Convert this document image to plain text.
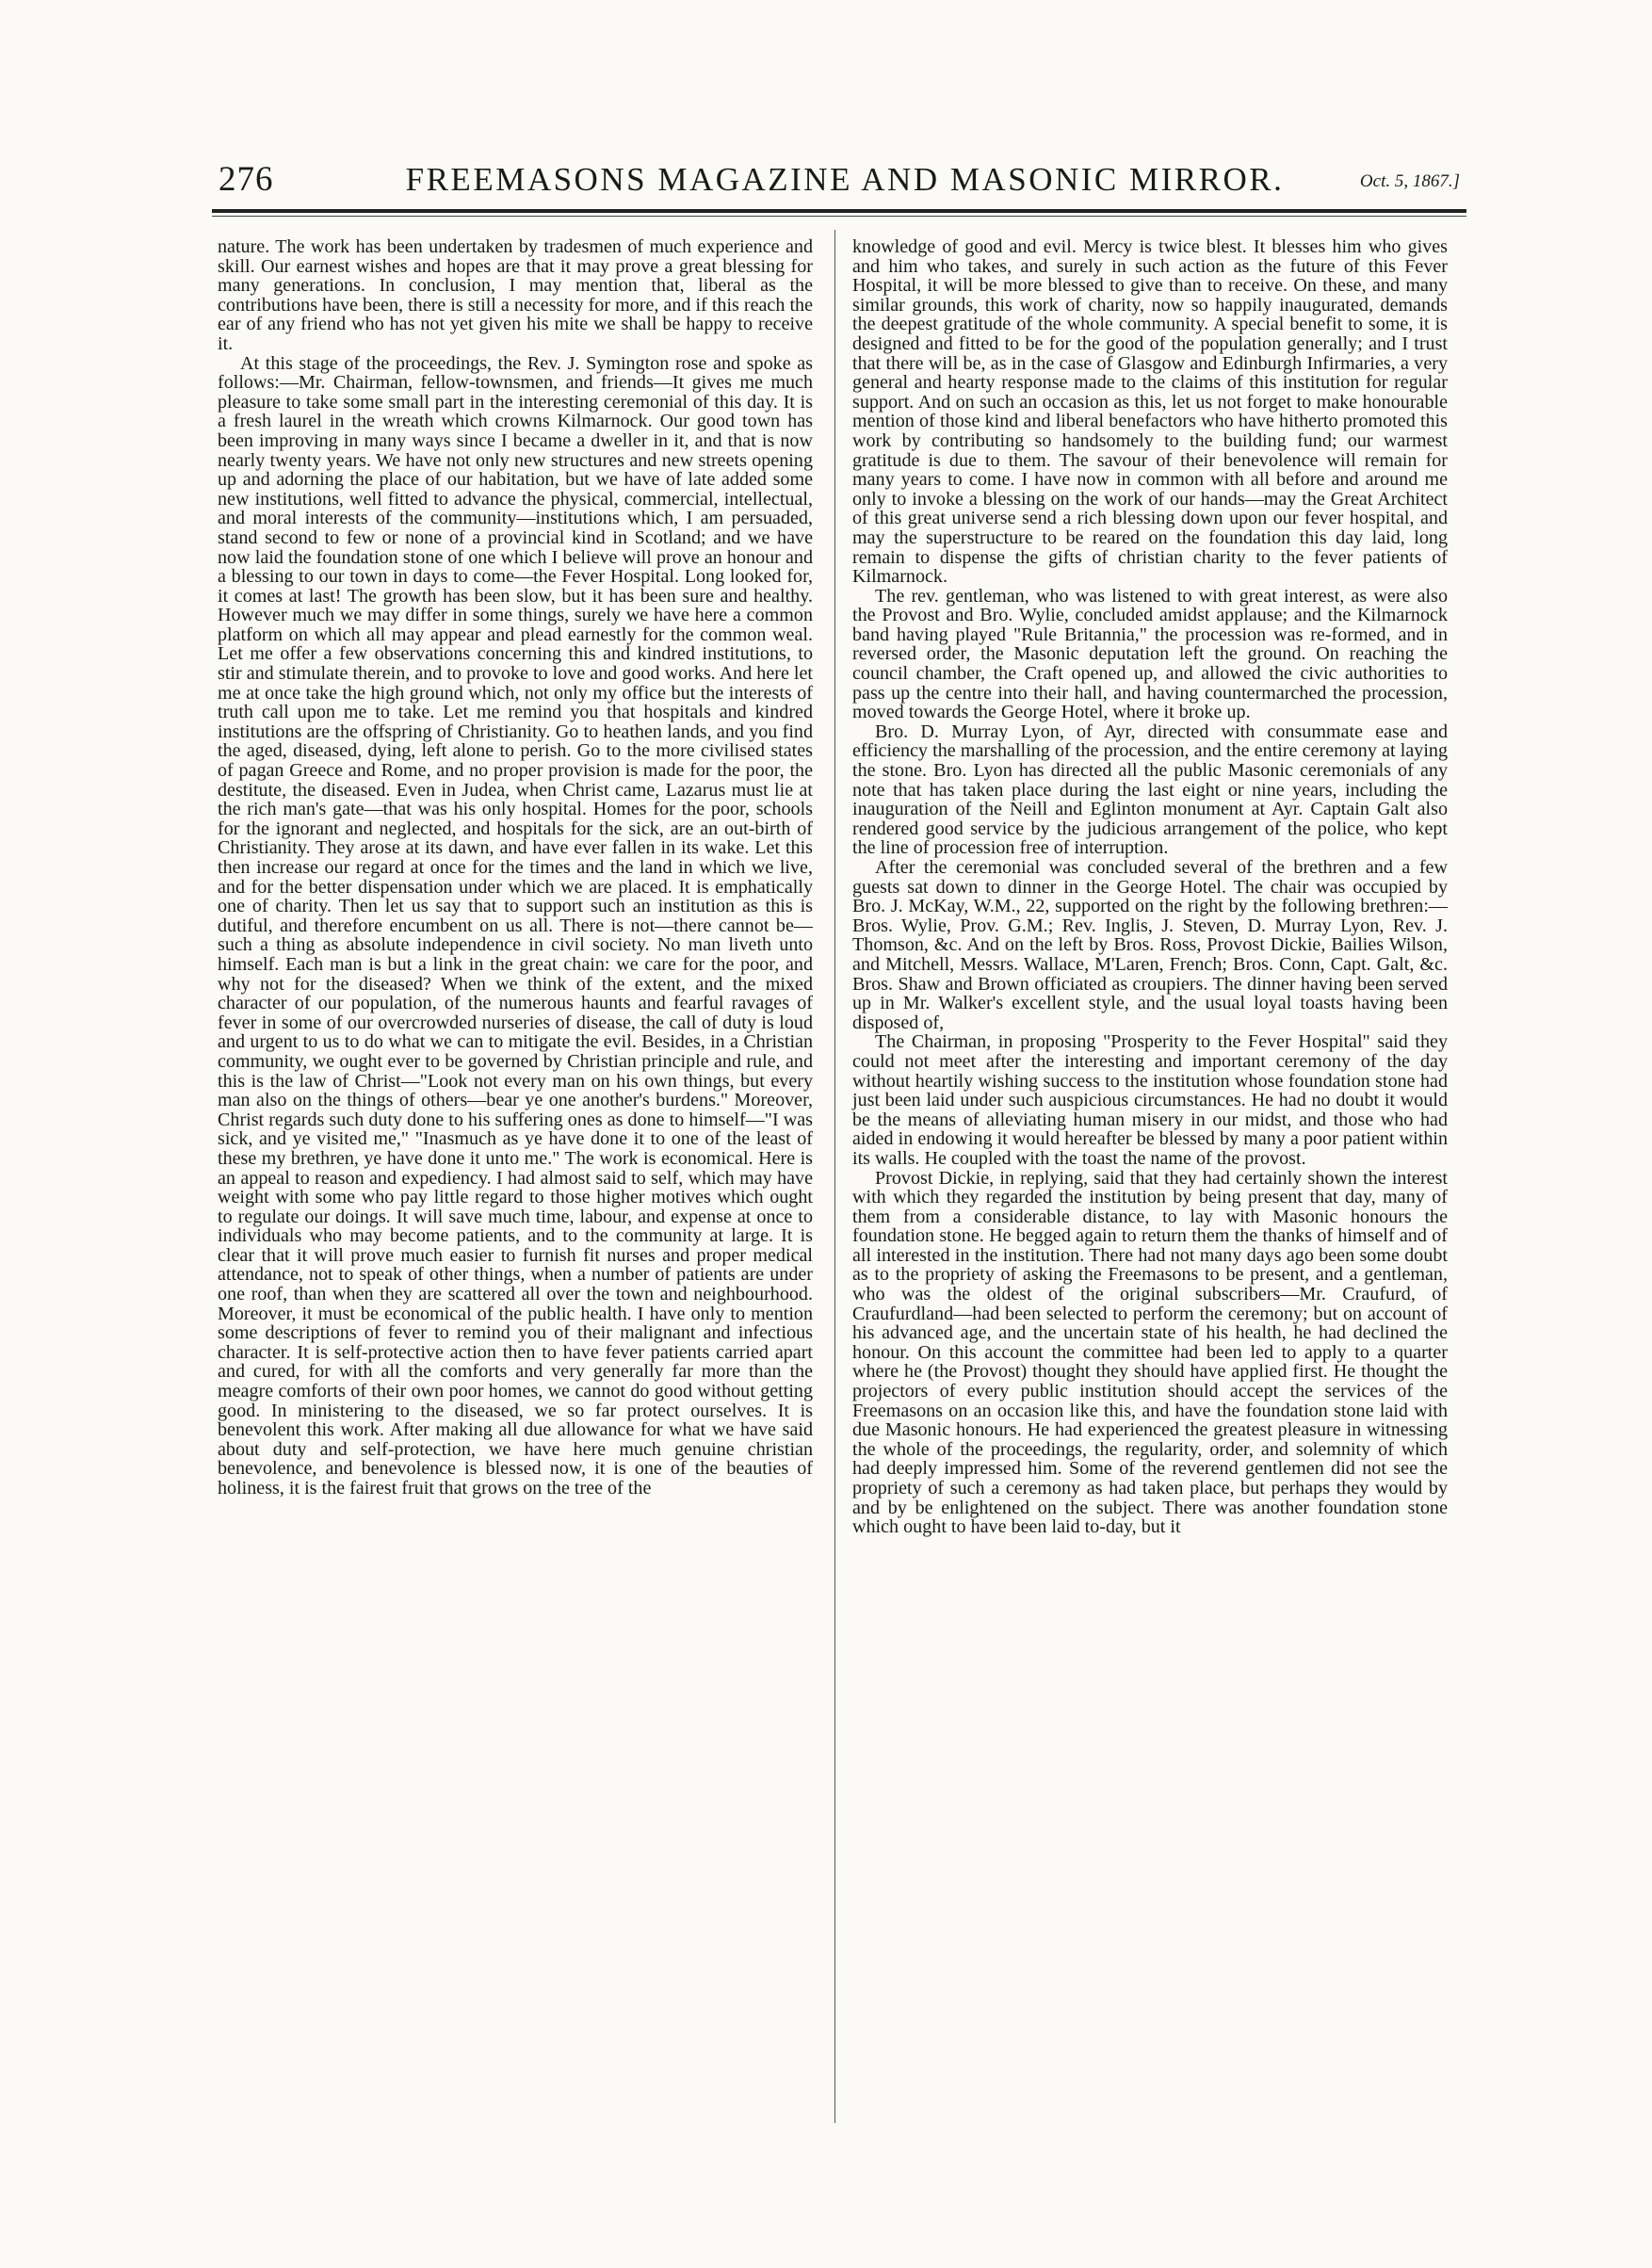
276	FREEMASONS MAGAZINE AND MASONIC MIRROR.	Oct. 5, 1867.]

nature. The work has been undertaken by tradesmen of much experience and skill. Our earnest wishes and hopes are that it may prove a great blessing for many generations. In conclusion, I may mention that, liberal as the contributions have been, there is still a necessity for more, and if this reach the ear of any friend who has not yet given his mite we shall be happy to receive it.

At this stage of the proceedings, the Rev. J. Symington rose and spoke as follows:—Mr. Chairman, fellow-townsmen, and friends—It gives me much pleasure to take some small part in the interesting ceremonial of this day. It is a fresh laurel in the wreath which crowns Kilmarnock. Our good town has been improving in many ways since I became a dweller in it, and that is now nearly twenty years. We have not only new structures and new streets opening up and adorning the place of our habitation, but we have of late added some new institutions, well fitted to advance the physical, commercial, intellectual, and moral interests of the community—institutions which, I am persuaded, stand second to few or none of a provincial kind in Scotland; and we have now laid the foundation stone of one which I believe will prove an honour and a blessing to our town in days to come—the Fever Hospital. Long looked for, it comes at last! The growth has been slow, but it has been sure and healthy. However much we may differ in some things, surely we have here a common platform on which all may appear and plead earnestly for the common weal. Let me offer a few observations concerning this and kindred institutions, to stir and stimulate therein, and to provoke to love and good works. And here let me at once take the high ground which, not only my office but the interests of truth call upon me to take. Let me remind you that hospitals and kindred institutions are the offspring of Christianity. Go to heathen lands, and you find the aged, diseased, dying, left alone to perish. Go to the more civilised states of pagan Greece and Rome, and no proper provision is made for the poor, the destitute, the diseased. Even in Judea, when Christ came, Lazarus must lie at the rich man's gate—that was his only hospital. Homes for the poor, schools for the ignorant and neglected, and hospitals for the sick, are an out-birth of Christianity. They arose at its dawn, and have ever fallen in its wake. Let this then increase our regard at once for the times and the land in which we live, and for the better dispensation under which we are placed. It is emphatically one of charity. Then let us say that to support such an institution as this is dutiful, and therefore encumbent on us all. There is not—there cannot be—such a thing as absolute independence in civil society. No man liveth unto himself. Each man is but a link in the great chain: we care for the poor, and why not for the diseased? When we think of the extent, and the mixed character of our population, of the numerous haunts and fearful ravages of fever in some of our overcrowded nurseries of disease, the call of duty is loud and urgent to us to do what we can to mitigate the evil. Besides, in a Christian community, we ought ever to be governed by Christian principle and rule, and this is the law of Christ—"Look not every man on his own things, but every man also on the things of others—bear ye one another's burdens." Moreover, Christ regards such duty done to his suffering ones as done to himself—"I was sick, and ye visited me," "Inasmuch as ye have done it to one of the least of these my brethren, ye have done it unto me." The work is economical. Here is an appeal to reason and expediency. I had almost said to self, which may have weight with some who pay little regard to those higher motives which ought to regulate our doings. It will save much time, labour, and expense at once to individuals who may become patients, and to the community at large. It is clear that it will prove much easier to furnish fit nurses and proper medical attendance, not to speak of other things, when a number of patients are under one roof, than when they are scattered all over the town and neighbourhood. Moreover, it must be economical of the public health. I have only to mention some descriptions of fever to remind you of their malignant and infectious character. It is self-protective action then to have fever patients carried apart and cured, for with all the comforts and very generally far more than the meagre comforts of their own poor homes, we cannot do good without getting good. In ministering to the diseased, we so far protect ourselves. It is benevolent this work. After making all due allowance for what we have said about duty and self-protection, we have here much genuine christian benevolence, and benevolence is blessed now, it is one of the beauties of holiness, it is the fairest fruit that grows on the tree of the

knowledge of good and evil. Mercy is twice blest. It blesses him who gives and him who takes, and surely in such action as the future of this Fever Hospital, it will be more blessed to give than to receive. On these, and many similar grounds, this work of charity, now so happily inaugurated, demands the deepest gratitude of the whole community. A special benefit to some, it is designed and fitted to be for the good of the population generally; and I trust that there will be, as in the case of Glasgow and Edinburgh Infirmaries, a very general and hearty response made to the claims of this institution for regular support. And on such an occasion as this, let us not forget to make honourable mention of those kind and liberal benefactors who have hitherto promoted this work by contributing so handsomely to the building fund; our warmest gratitude is due to them. The savour of their benevolence will remain for many years to come. I have now in common with all before and around me only to invoke a blessing on the work of our hands—may the Great Architect of this great universe send a rich blessing down upon our fever hospital, and may the superstructure to be reared on the foundation this day laid, long remain to dispense the gifts of christian charity to the fever patients of Kilmarnock.

The rev. gentleman, who was listened to with great interest, as were also the Provost and Bro. Wylie, concluded amidst applause; and the Kilmarnock band having played "Rule Britannia," the procession was re-formed, and in reversed order, the Masonic deputation left the ground. On reaching the council chamber, the Craft opened up, and allowed the civic authorities to pass up the centre into their hall, and having countermarched the procession, moved towards the George Hotel, where it broke up.

Bro. D. Murray Lyon, of Ayr, directed with consummate ease and efficiency the marshalling of the procession, and the entire ceremony at laying the stone. Bro. Lyon has directed all the public Masonic ceremonials of any note that has taken place during the last eight or nine years, including the inauguration of the Neill and Eglinton monument at Ayr. Captain Galt also rendered good service by the judicious arrangement of the police, who kept the line of procession free of interruption.

After the ceremonial was concluded several of the brethren and a few guests sat down to dinner in the George Hotel. The chair was occupied by Bro. J. McKay, W.M., 22, supported on the right by the following brethren:—Bros. Wylie, Prov. G.M.; Rev. Inglis, J. Steven, D. Murray Lyon, Rev. J. Thomson, &c. And on the left by Bros. Ross, Provost Dickie, Bailies Wilson, and Mitchell, Messrs. Wallace, M'Laren, French; Bros. Conn, Capt. Galt, &c. Bros. Shaw and Brown officiated as croupiers. The dinner having been served up in Mr. Walker's excellent style, and the usual loyal toasts having been disposed of,

The Chairman, in proposing "Prosperity to the Fever Hospital" said they could not meet after the interesting and important ceremony of the day without heartily wishing success to the institution whose foundation stone had just been laid under such auspicious circumstances. He had no doubt it would be the means of alleviating human misery in our midst, and those who had aided in endowing it would hereafter be blessed by many a poor patient within its walls. He coupled with the toast the name of the provost.

Provost Dickie, in replying, said that they had certainly shown the interest with which they regarded the institution by being present that day, many of them from a considerable distance, to lay with Masonic honours the foundation stone. He begged again to return them the thanks of himself and of all interested in the institution. There had not many days ago been some doubt as to the propriety of asking the Freemasons to be present, and a gentleman, who was the oldest of the original subscribers—Mr. Craufurd, of Craufurdland—had been selected to perform the ceremony; but on account of his advanced age, and the uncertain state of his health, he had declined the honour. On this account the committee had been led to apply to a quarter where he (the Provost) thought they should have applied first. He thought the projectors of every public institution should accept the services of the Freemasons on an occasion like this, and have the foundation stone laid with due Masonic honours. He had experienced the greatest pleasure in witnessing the whole of the proceedings, the regularity, order, and solemnity of which had deeply impressed him. Some of the reverend gentlemen did not see the propriety of such a ceremony as had taken place, but perhaps they would by and by be enlightened on the subject. There was another foundation stone which ought to have been laid to-day, but it
